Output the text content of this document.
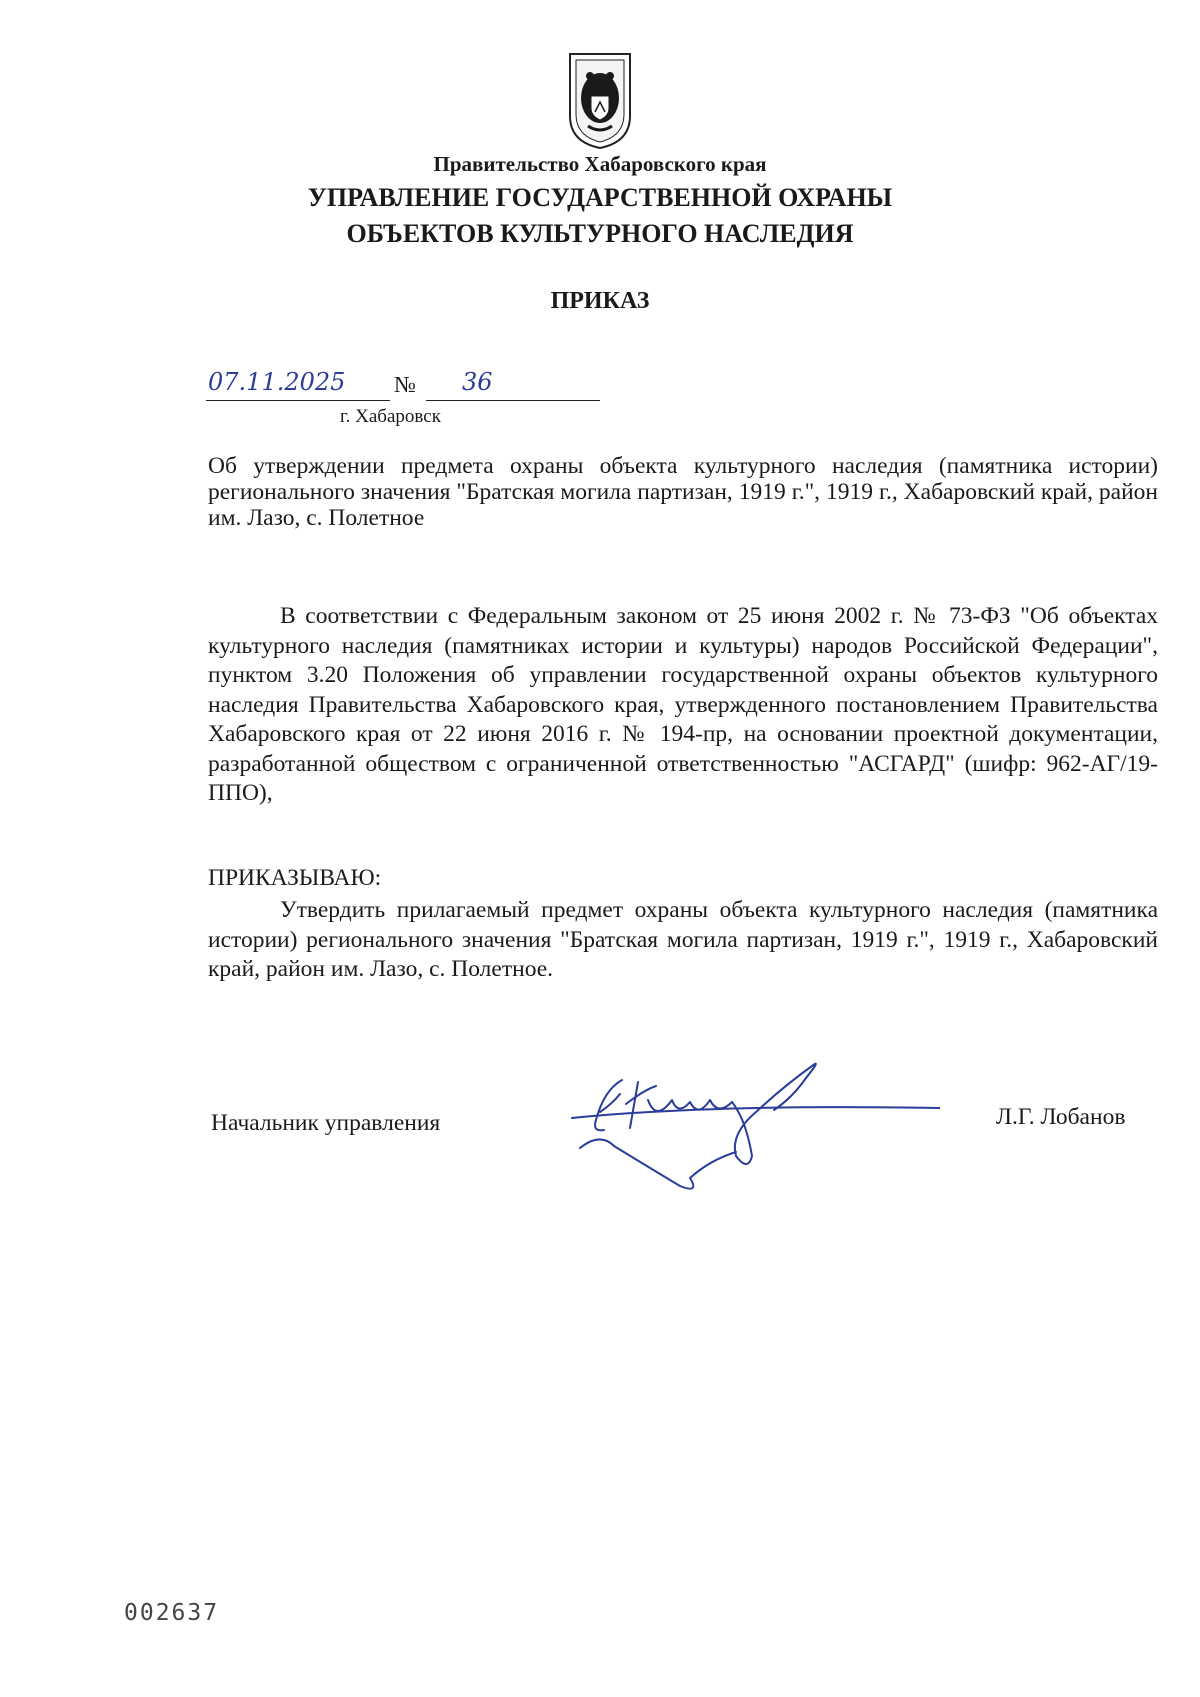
Правительство Хабаровского края
УПРАВЛЕНИЕ ГОСУДАРСТВЕННОЙ ОХРАНЫ
ОБЪЕКТОВ КУЛЬТУРНОГО НАСЛЕДИЯ
ПРИКАЗ
07.11.2025 № 36
г. Хабаровск
Об утверждении предмета охраны объекта культурного наследия (памятника истории) регионального значения "Братская могила партизан, 1919 г.", 1919 г., Хабаровский край, район им. Лазо, с. Полетное
В соответствии с Федеральным законом от 25 июня 2002 г. № 73-ФЗ "Об объектах культурного наследия (памятниках истории и культуры) народов Российской Федерации", пунктом 3.20 Положения об управлении государственной охраны объектов культурного наследия Правительства Хабаровского края, утвержденного постановлением Правительства Хабаровского края от 22 июня 2016 г. № 194-пр, на основании проектной документации, разработанной обществом с ограниченной ответственностью "АСГАРД" (шифр: 962-АГ/19-ППО),
ПРИКАЗЫВАЮ:
Утвердить прилагаемый предмет охраны объекта культурного наследия (памятника истории) регионального значения "Братская могила партизан, 1919 г.", 1919 г., Хабаровский край, район им. Лазо, с. Полетное.
Начальник управления	Л.Г. Лобанов
002637
